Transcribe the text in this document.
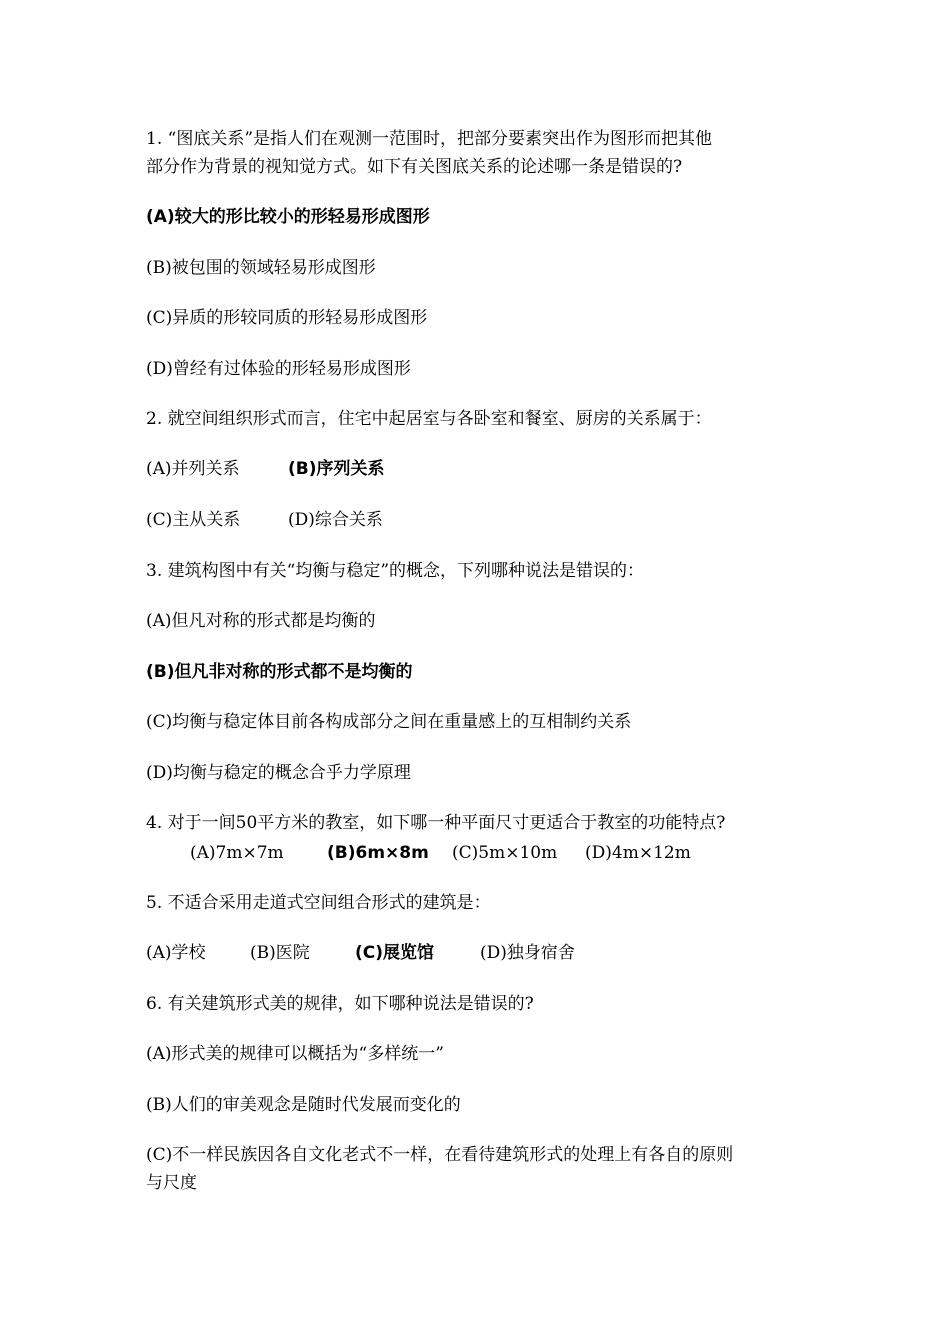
1. “图底关系”是指人们在观测一范围时，把部分要素突出作为图形而把其他
部分作为背景的视知觉方式。如下有关图底关系的论述哪一条是错误的?
(A)较大的形比较小的形轻易形成图形
(B)被包围的领域轻易形成图形
(C)异质的形较同质的形轻易形成图形
(D)曾经有过体验的形轻易形成图形
2. 就空间组织形式而言，住宅中起居室与各卧室和餐室、厨房的关系属于：
(A)并列关系	(B)序列关系
(C)主从关系	(D)综合关系
3. 建筑构图中有关“均衡与稳定”的概念，下列哪种说法是错误的：
(A)但凡对称的形式都是均衡的
(B)但凡非对称的形式都不是均衡的
(C)均衡与稳定体目前各构成部分之间在重量感上的互相制约关系
(D)均衡与稳定的概念合乎力学原理
4. 对于一间50平方米的教室，如下哪一种平面尺寸更适合于教室的功能特点?
(A)7m×7m	(B)6m×8m (C)5m×10m (D)4m×12m
5. 不适合采用走道式空间组合形式的建筑是：
(A)学校	(B)医院	(C)展览馆	(D)独身宿舍
6. 有关建筑形式美的规律，如下哪种说法是错误的?
(A)形式美的规律可以概括为“多样统一”
(B)人们的审美观念是随时代发展而变化的
(C)不一样民族因各自文化老式不一样，在看待建筑形式的处理上有各自的原则
与尺度
